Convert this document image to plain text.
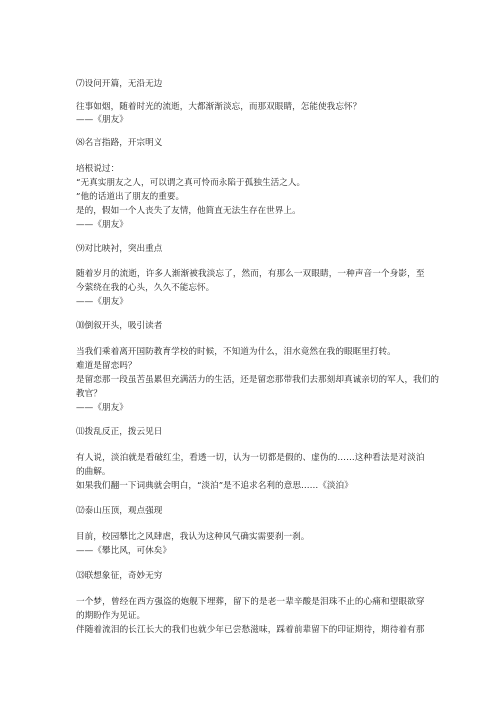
⑺设问开篇，无沿无边
往事如烟，随着时光的流逝，大都渐渐淡忘，而那双眼睛，怎能使我忘怀？
——《朋友》
⑻名言指路，开宗明义
培根说过：
“无真实朋友之人，可以谓之真可怜而永陷于孤独生活之人。
”他的话道出了朋友的重要。
是的，假如一个人丧失了友情，他简直无法生存在世界上。
——《朋友》
⑼对比映衬，突出重点
随着岁月的流逝，许多人渐渐被我淡忘了，然而，有那么一双眼睛，一种声音一个身影，至
今萦绕在我的心头，久久不能忘怀。
——《朋友》
⑽倒叙开头，吸引读者
当我们乘着离开国防教育学校的时候，不知道为什么，泪水竟然在我的眼眶里打转。
难道是留恋吗？
是留恋那一段虽苦虽累但充满活力的生活，还是留恋那带我们去那刻却真诚亲切的军人，我们的
教官？
——《朋友》
⑾拨乱反正，拨云见日
有人说，淡泊就是看破红尘，看透一切，认为一切都是假的、虚伪的……这种看法是对淡泊
的曲解。
如果我们翻一下词典就会明白，“淡泊”是不追求名利的意思……《淡泊》
⑿泰山压顶，观点强现
目前，校园攀比之风肆虐，我认为这种风气确实需要刹一刹。
——《攀比风，可休矣》
⒀联想象征，奇妙无穷
一个梦，曾经在西方强盗的炮舰下埋葬，留下的是老一辈辛酸是泪珠不止的心痛和望眼欲穿
的期盼作为见证。
伴随着流泪的长江长大的我们也就少年已尝愁滋味，踩着前辈留下的印证期待，期待着有那
